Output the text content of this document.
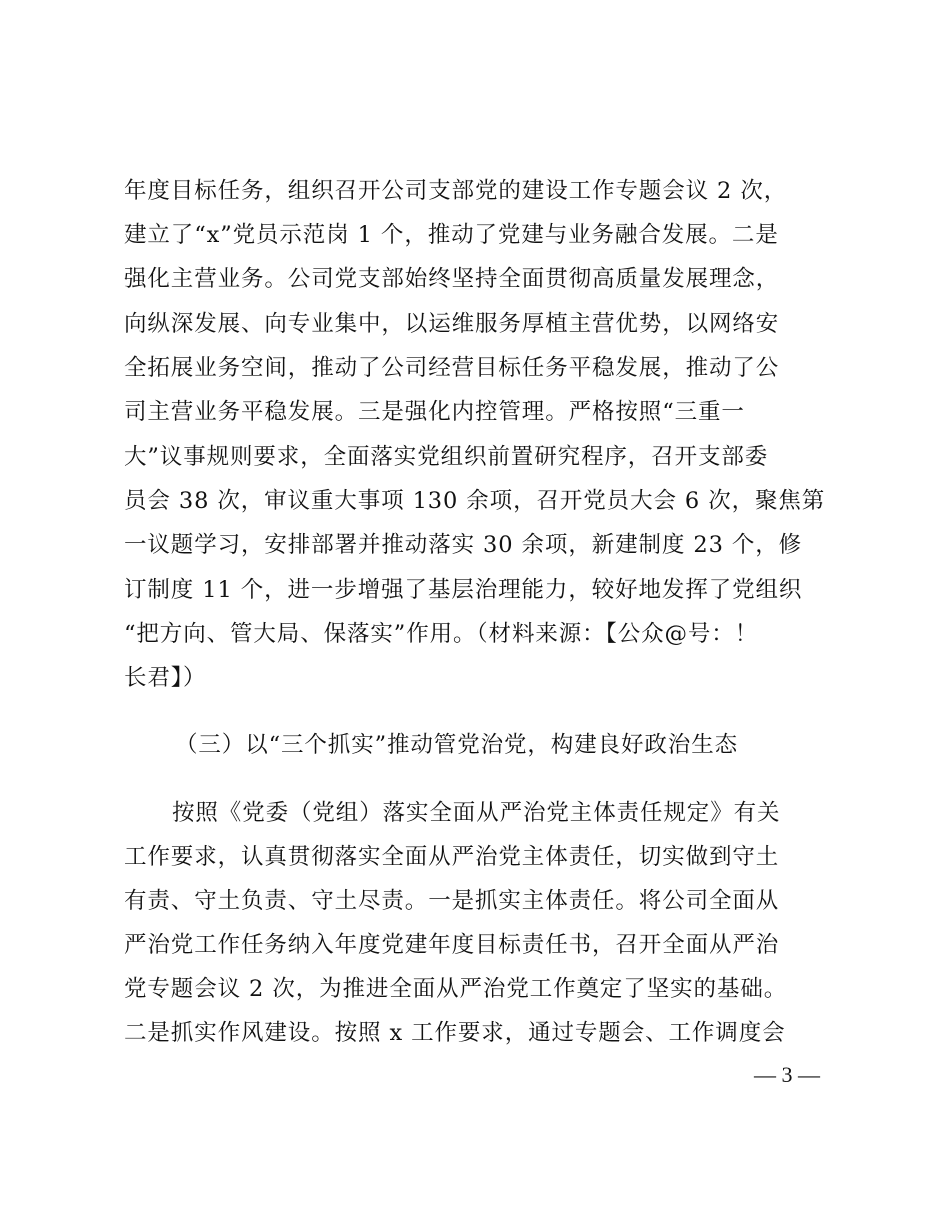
年度目标任务，组织召开公司支部党的建设工作专题会议 2 次，
建立了“x”党员示范岗 1 个，推动了党建与业务融合发展。二是
强化主营业务。公司党支部始终坚持全面贯彻高质量发展理念，
向纵深发展、向专业集中，以运维服务厚植主营优势，以网络安
全拓展业务空间，推动了公司经营目标任务平稳发展，推动了公
司主营业务平稳发展。三是强化内控管理。严格按照“三重一
大”议事规则要求，全面落实党组织前置研究程序，召开支部委
员会 38 次，审议重大事项 130 余项，召开党员大会 6 次，聚焦第
一议题学习，安排部署并推动落实 30 余项，新建制度 23 个，修
订制度 11 个，进一步增强了基层治理能力，较好地发挥了党组织
“把方向、管大局、保落实”作用。（材料来源：【公众@号：！
长君】）
（三）以“三个抓实”推动管党治党，构建良好政治生态
按照《党委（党组）落实全面从严治党主体责任规定》有关
工作要求，认真贯彻落实全面从严治党主体责任，切实做到守土
有责、守土负责、守土尽责。一是抓实主体责任。将公司全面从
严治党工作任务纳入年度党建年度目标责任书，召开全面从严治
党专题会议 2 次，为推进全面从严治党工作奠定了坚实的基础。
二是抓实作风建设。按照 x 工作要求，通过专题会、工作调度会
— 3 —
